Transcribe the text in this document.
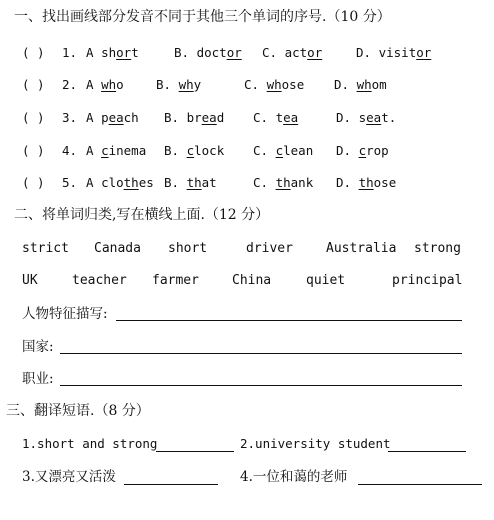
一、找出画线部分发音不同于其他三个单词的序号.（10 分）
( ) 1. A short	B. doctor C. actor	D. visitor
( ) 2. A who	B. why	C. whose D. whom
( ) 3. A peach B. bread C. tea	D. seat.
( ) 4. A cinema B. clock C. clean D. crop
( ) 5. A clothes B. that	C. thank D. those
二、将单词归类,写在横线上面.（12 分）
strict Canada short	driver	Australia strong
UK	teacher farmer	China	quiet	principal
人物特征描写:
国家:
职业:
三、翻译短语.（8 分）
1.short and strong	2.university student
3.又漂亮又活泼	4.一位和蔼的老师
